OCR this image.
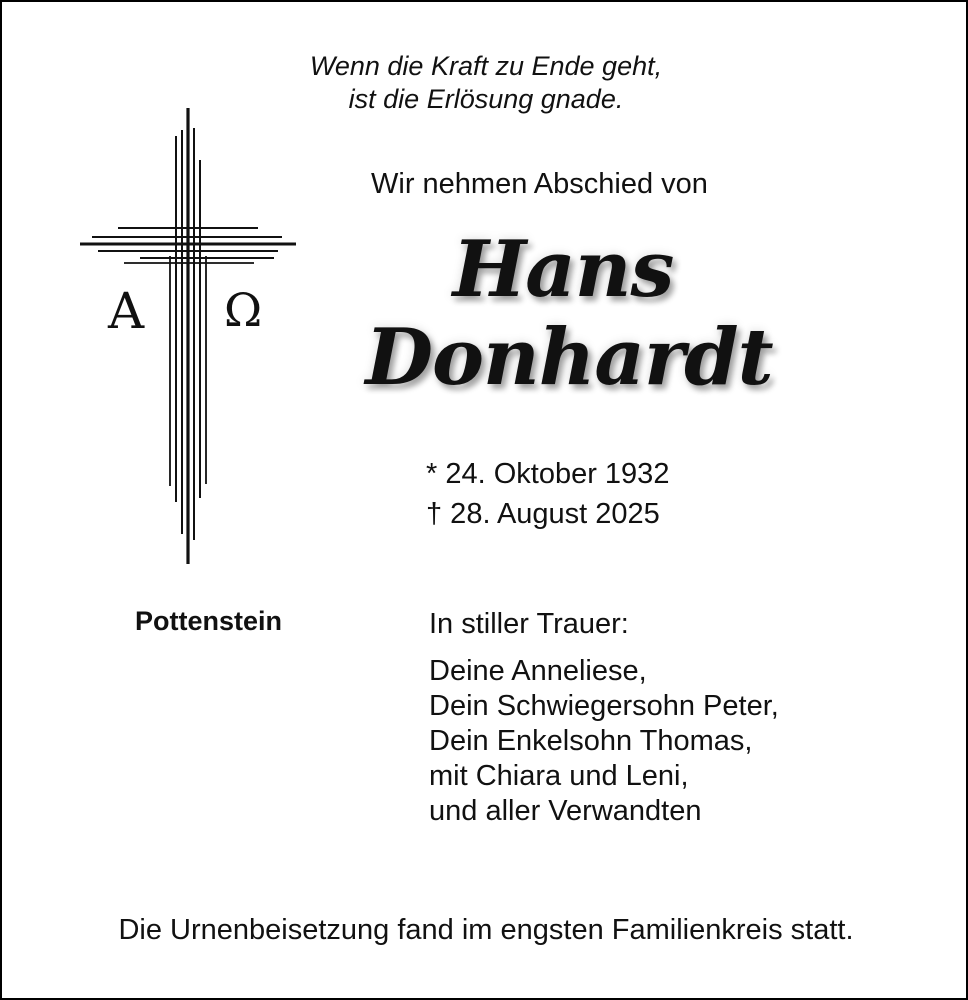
Wenn die Kraft zu Ende geht,
ist die Erlösung gnade.
A Ω
Wir nehmen Abschied von
Hans
Donhardt
* 24. Oktober 1932
† 28. August 2025
Pottenstein	In stiller Trauer:
Deine Anneliese,
Dein Schwiegersohn Peter,
Dein Enkelsohn Thomas,
mit Chiara und Leni,
und aller Verwandten
Die Urnenbeisetzung fand im engsten Familienkreis statt.
